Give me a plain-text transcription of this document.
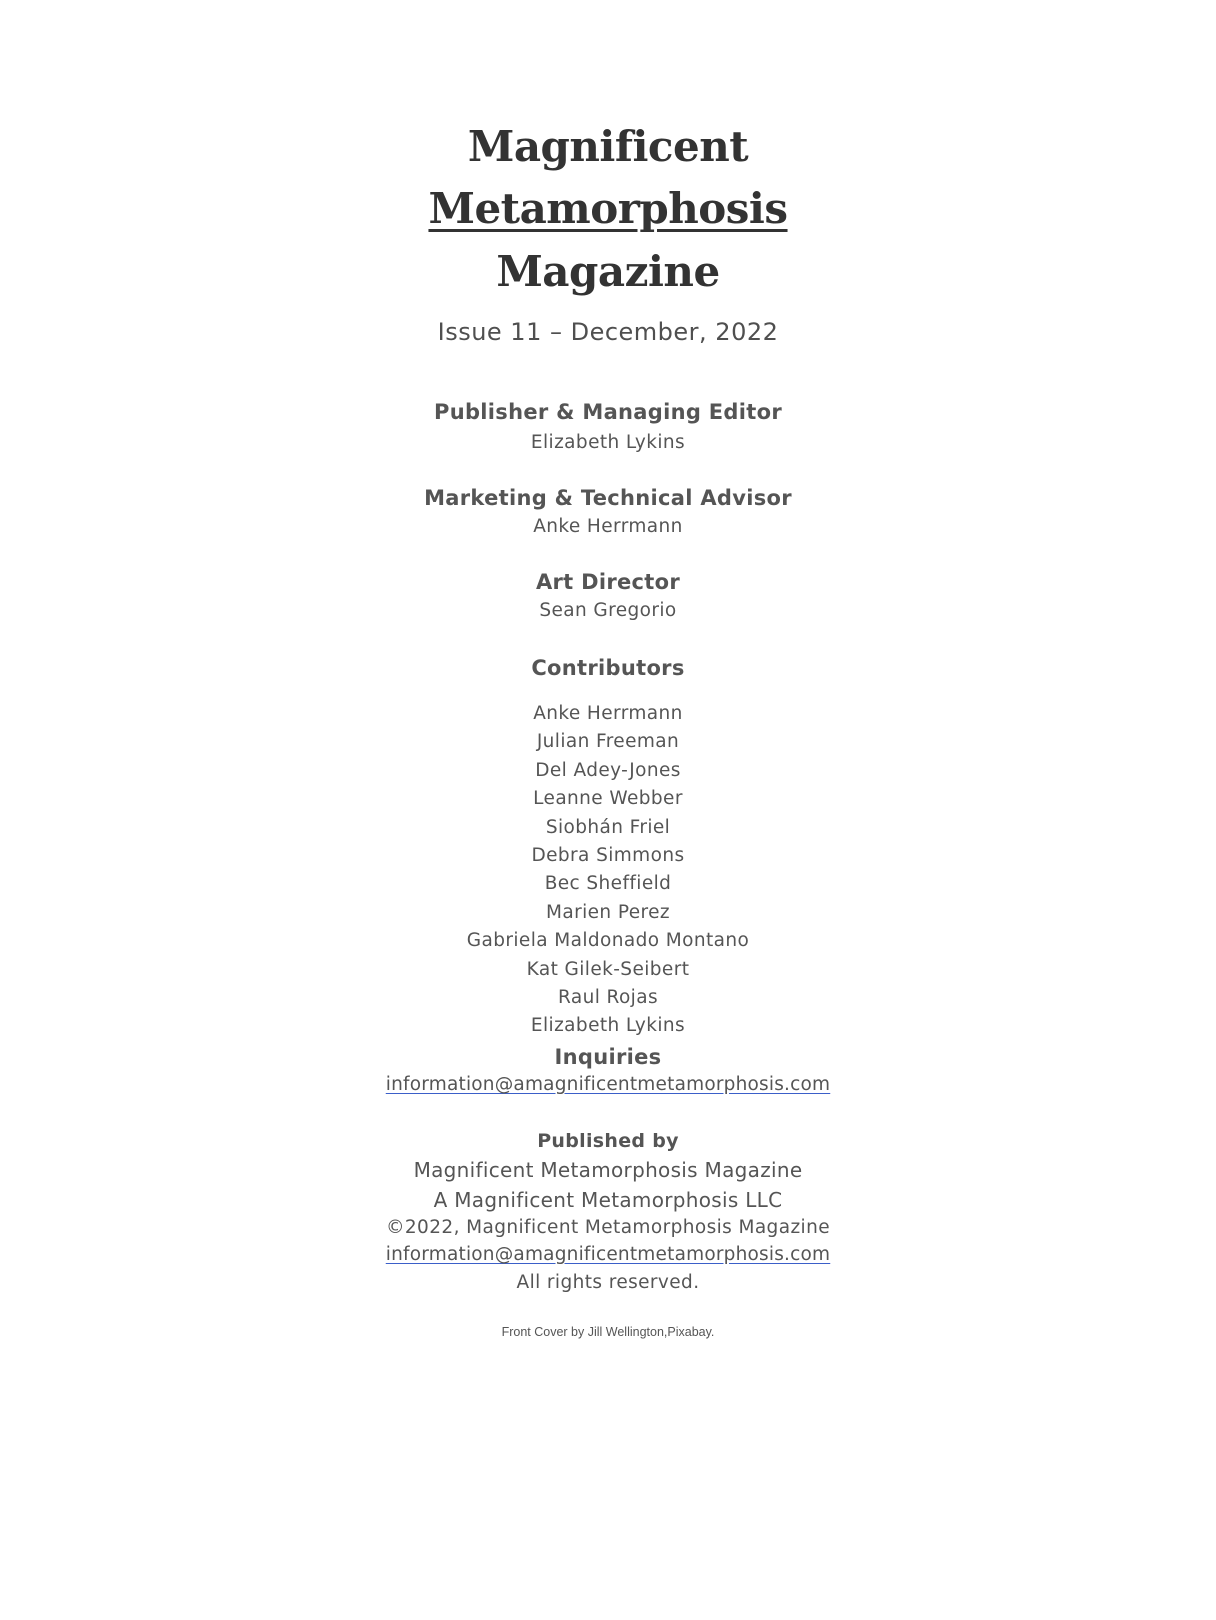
Magnificent
Metamorphosis
Magazine
Issue 11 – December, 2022
Publisher & Managing Editor
Elizabeth Lykins
Marketing & Technical Advisor
Anke Herrmann
Art Director
Sean Gregorio
Contributors
Anke Herrmann
Julian Freeman
Del Adey-Jones
Leanne Webber
Siobhán Friel
Debra Simmons
Bec Sheffield
Marien Perez
Gabriela Maldonado Montano
Kat Gilek-Seibert
Raul Rojas
Elizabeth Lykins
Inquiries
information@amagnificentmetamorphosis.com
Published by
Magnificent Metamorphosis Magazine
A Magnificent Metamorphosis LLC
©2022, Magnificent Metamorphosis Magazine
information@amagnificentmetamorphosis.com
All rights reserved.
Front Cover by Jill Wellington,Pixabay.
